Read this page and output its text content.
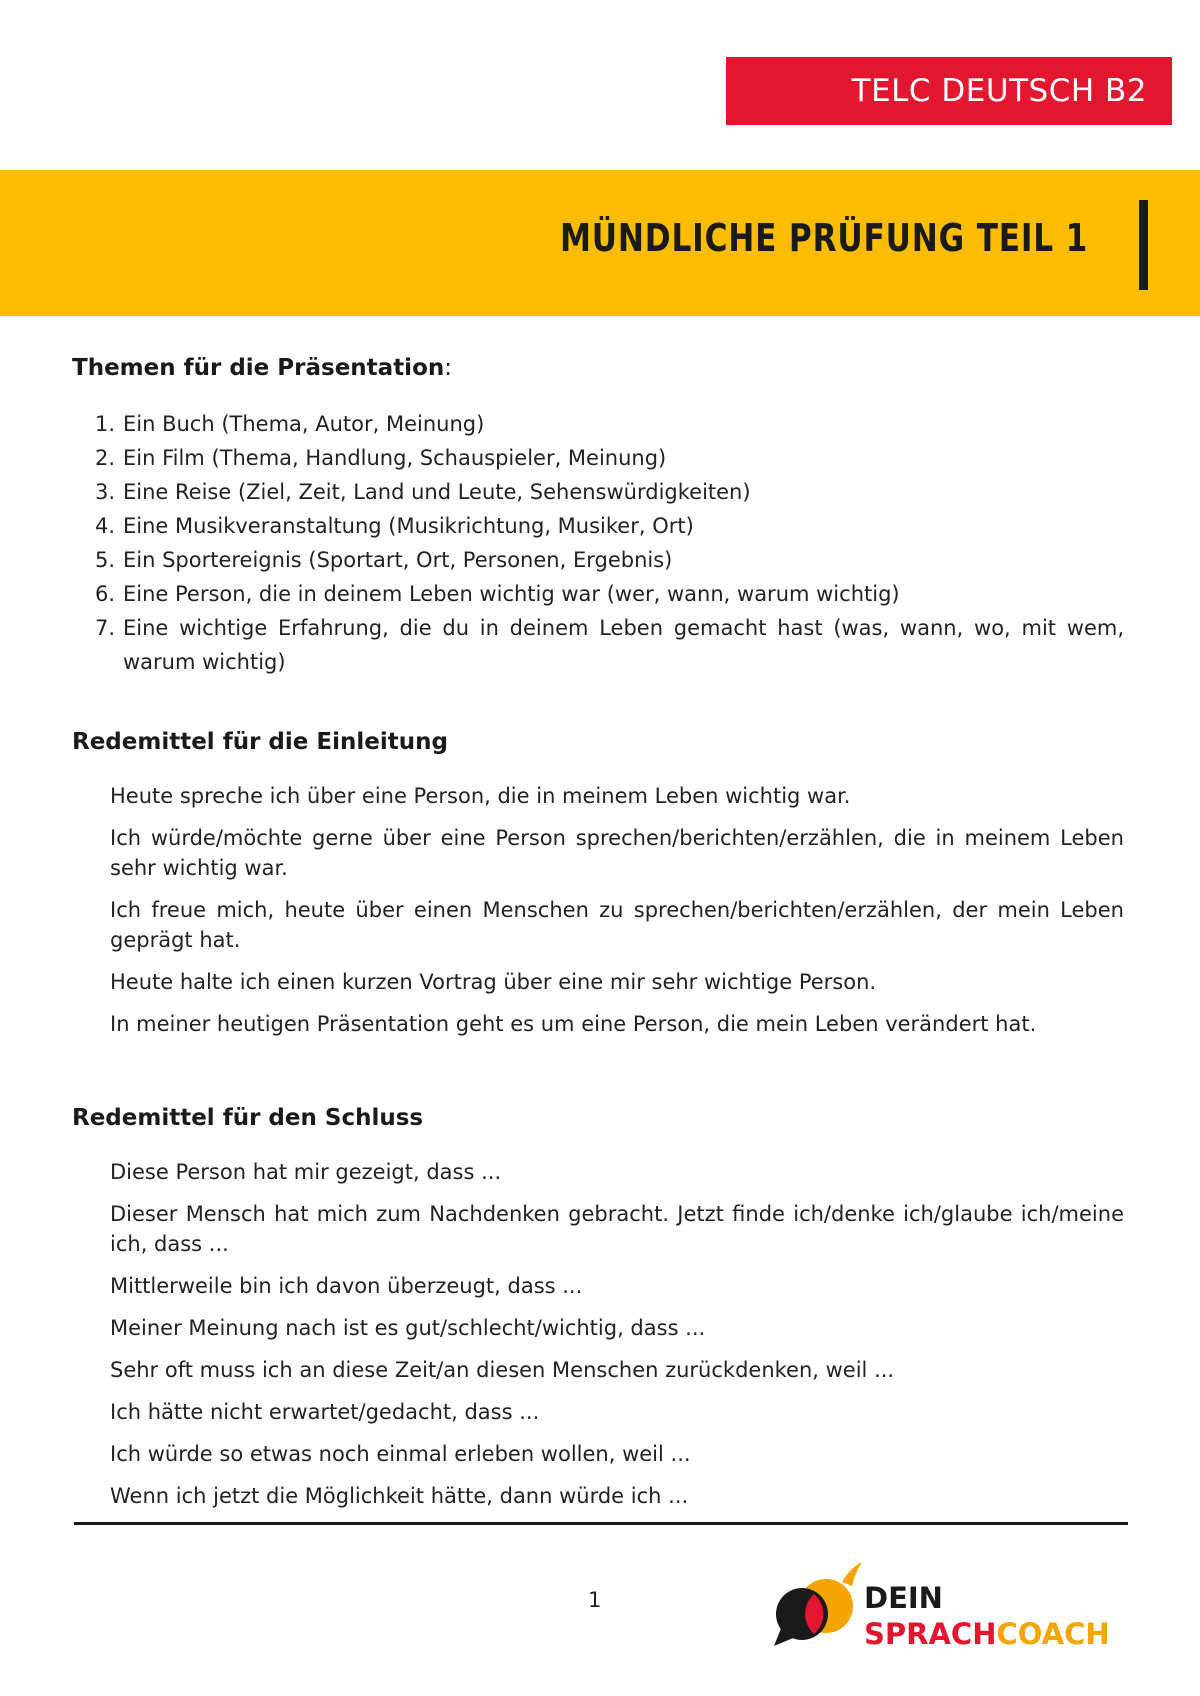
TELC DEUTSCH B2
MÜNDLICHE PRÜFUNG TEIL 1
Themen für die Präsentation:
1. Ein Buch (Thema, Autor, Meinung)
2. Ein Film (Thema, Handlung, Schauspieler, Meinung)
3. Eine Reise (Ziel, Zeit, Land und Leute, Sehenswürdigkeiten)
4. Eine Musikveranstaltung (Musikrichtung, Musiker, Ort)
5. Ein Sportereignis (Sportart, Ort, Personen, Ergebnis)
6. Eine Person, die in deinem Leben wichtig war (wer, wann, warum wichtig)
7. Eine wichtige Erfahrung, die du in deinem Leben gemacht hast (was, wann, wo, mit wem, warum wichtig)
Redemittel für die Einleitung
Heute spreche ich über eine Person, die in meinem Leben wichtig war.
Ich würde/möchte gerne über eine Person sprechen/berichten/erzählen, die in meinem Leben sehr wichtig war.
Ich freue mich, heute über einen Menschen zu sprechen/berichten/erzählen, der mein Leben geprägt hat.
Heute halte ich einen kurzen Vortrag über eine mir sehr wichtige Person.
In meiner heutigen Präsentation geht es um eine Person, die mein Leben verändert hat.
Redemittel für den Schluss
Diese Person hat mir gezeigt, dass ...
Dieser Mensch hat mich zum Nachdenken gebracht. Jetzt finde ich/denke ich/glaube ich/meine ich, dass ...
Mittlerweile bin ich davon überzeugt, dass ...
Meiner Meinung nach ist es gut/schlecht/wichtig, dass ...
Sehr oft muss ich an diese Zeit/an diesen Menschen zurückdenken, weil ...
Ich hätte nicht erwartet/gedacht, dass ...
Ich würde so etwas noch einmal erleben wollen, weil ...
Wenn ich jetzt die Möglichkeit hätte, dann würde ich ...
1	DEIN
SPRACHCOACH
